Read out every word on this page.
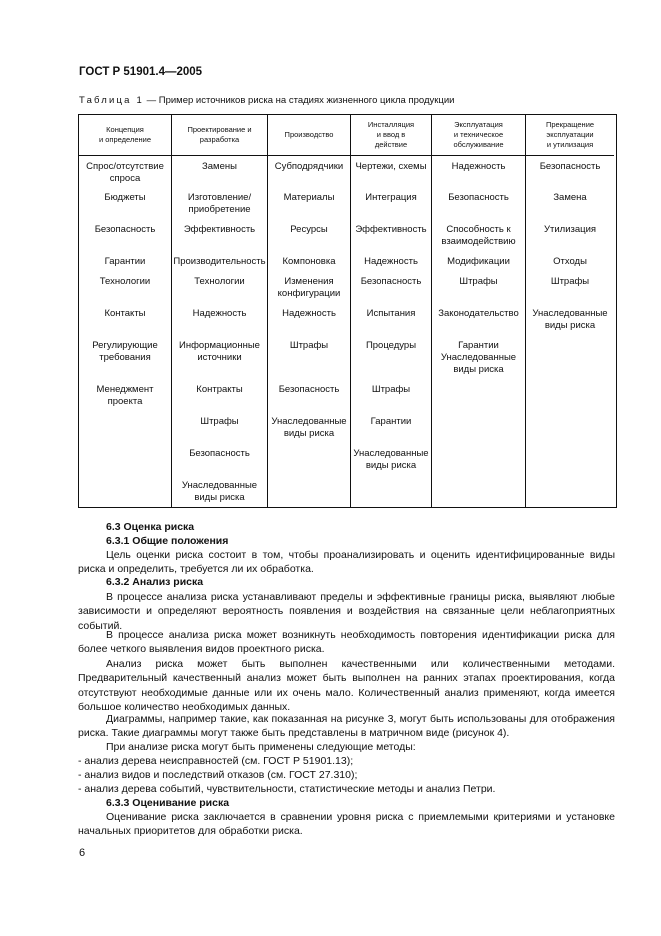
ГОСТ Р 51901.4—2005
Таблица 1 — Пример источников риска на стадиях жизненного цикла продукции
Концепция
и определение
Спрос/отсутствие
спроса
Бюджеты
Безопасность
Гарантии
Технологии
Контакты
Регулирующие
требования
Менеджмент
проекта
Проектирование и
разработка
Замены
Изготовление/
приобретение
Эффективность
Производительность
Технологии
Надежность
Информационные
источники
Контракты
Штрафы
Безопасность
Унаследованные
виды риска
Производство
Субподрядчики
Материалы
Ресурсы
Компоновка
Изменения
конфигурации
Надежность
Штрафы
Безопасность
Унаследованные
виды риска
Инсталляция
и ввод в
действие
Чертежи, схемы
Интеграция
Эффективность
Надежность
Безопасность
Испытания
Процедуры
Штрафы
Гарантии
Унаследованные
виды риска
Эксплуатация
и техническое
обслуживание
Надежность
Безопасность
Способность к
взаимодействию
Модификации
Штрафы
Законодательство
Гарантии
Унаследованные
виды риска
Прекращение
эксплуатации
и утилизация
Безопасность
Замена
Утилизация
Отходы
Штрафы
Унаследованные
виды риска
6.3 Оценка риска
6.3.1 Общие положения
Цель оценки риска состоит в том, чтобы проанализировать и оценить идентифицированные виды риска и определить, требуется ли их обработка.
6.3.2 Анализ риска
В процессе анализа риска устанавливают пределы и эффективные границы риска, выявляют любые зависимости и определяют вероятность появления и воздействия на связанные цели неблагоприятных событий.
В процессе анализа риска может возникнуть необходимость повторения идентификации риска для более четкого выявления видов проектного риска.
Анализ риска может быть выполнен качественными или количественными методами. Предварительный качественный анализ может быть выполнен на ранних этапах проектирования, когда отсутствуют необходимые данные или их очень мало. Количественный анализ применяют, когда имеется большое количество необходимых данных.
Диаграммы, например такие, как показанная на рисунке 3, могут быть использованы для отображения риска. Такие диаграммы могут также быть представлены в матричном виде (рисунок 4).
При анализе риска могут быть применены следующие методы:
- анализ дерева неисправностей (см. ГОСТ Р 51901.13);
- анализ видов и последствий отказов (см. ГОСТ 27.310);
- анализ дерева событий, чувствительности, статистические методы и анализ Петри.
6.3.3 Оценивание риска
Оценивание риска заключается в сравнении уровня риска с приемлемыми критериями и установке начальных приоритетов для обработки риска.
6
